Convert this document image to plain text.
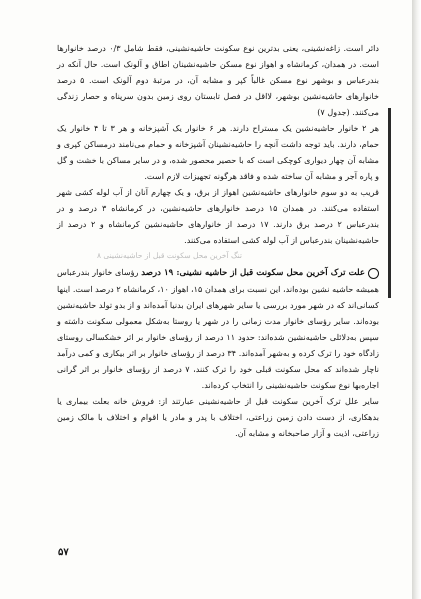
دائر است. زاغه‌نشینی، یعنی بدترین نوع سکونت حاشیه‌نشینی، فقط شامل ۰/۳ درصد خانوارها است. در همدان، کرمانشاه و اهواز نوع مسکن حاشیه‌نشینان اطاق و آلونک است. حال آنکه در بندرعباس و بوشهر نوع مسکن غالباً کپر و مشابه آن، در مرتبهٔ دوم آلونک است. ۵ درصد خانوارهای حاشیه‌نشین بوشهر، لااقل در فصل تابستان روی زمین بدون سرپناه و حصار زندگی می‌کنند. (جدول ۷)

هر ۲ خانوار حاشیه‌نشین یک مستراح دارند. هر ۶ خانوار یک آشپزخانه و هر ۳ تا ۴ خانوار یک حمام، دارند. باید توجه داشت آنچه را حاشیه‌نشینان آشپزخانه و حمام می‌نامند درمساکن کپری و مشابه آن چهار دیواری کوچکی است که با حصیر محصور شده، و در سایر مساکن با خشت و گل و پاره آجر و مشابه آن ساخته شده و فاقد هرگونه تجهیزات لازم است.

قریب به دو سوم خانوارهای حاشیه‌نشین اهواز از برق، و یک چهارم آنان از آب لوله کشی شهر استفاده می‌کنند. در همدان ۱۵ درصد خانوارهای حاشیه‌نشین، در کرمانشاه ۳ درصد و در بندرعباس ۲ درصد برق دارند. ۱۷ درصد از خانوارهای حاشیه‌نشین کرمانشاه و ۲ درصد از حاشیه‌نشینان بندرعباس از آب لوله کشی استفاده می‌کنند.

تنگ آخرین محل سکونت قبل از حاشیه‌نشینی ۸

علت ترک آخرین محل سکونت قبل از حاشیه نشینی: ۱۹ درصد رؤسای خانوار بندرعباس همیشه حاشیه نشین بوده‌اند، این نسبت برای همدان ۱۵، اهواز ۱۰، کرمانشاه ۲ درصد است. اینها کسانی‌اند که در شهر مورد بررسی یا سایر شهرهای ایران بدنیا آمده‌اند و از بدو تولد حاشیه‌نشین بوده‌اند. سایر رؤسای خانوار مدت زمانی را در شهر یا روستا به‌شکل معمولی سکونت داشته و سپس به‌دلائلی حاشیه‌نشین شده‌اند: حدود ۱۱ درصد از رؤسای خانوار بر اثر خشکسالی روستای زادگاه خود را ترک کرده و به‌شهر آمده‌اند. ۳۴ درصد از رؤسای خانوار بر اثر بیکاری و کمی درآمد ناچار شده‌اند که محل سکونت قبلی خود را ترک کنند، ۷ درصد از رؤسای خانوار بر اثر گرانی اجاره‌بها نوع سکونت حاشیه‌نشینی را انتخاب کرده‌اند.

سایر علل ترک آخرین سکونت قبل از حاشیه‌نشینی عبارتند از: فروش خانه بعلت بیماری یا بدهکاری، از دست دادن زمین زراعتی، اختلاف با پدر و مادر یا اقوام و اختلاف با مالک زمین زراعتی، اذیت و آزار صاحبخانه و مشابه آن.

۵۷
